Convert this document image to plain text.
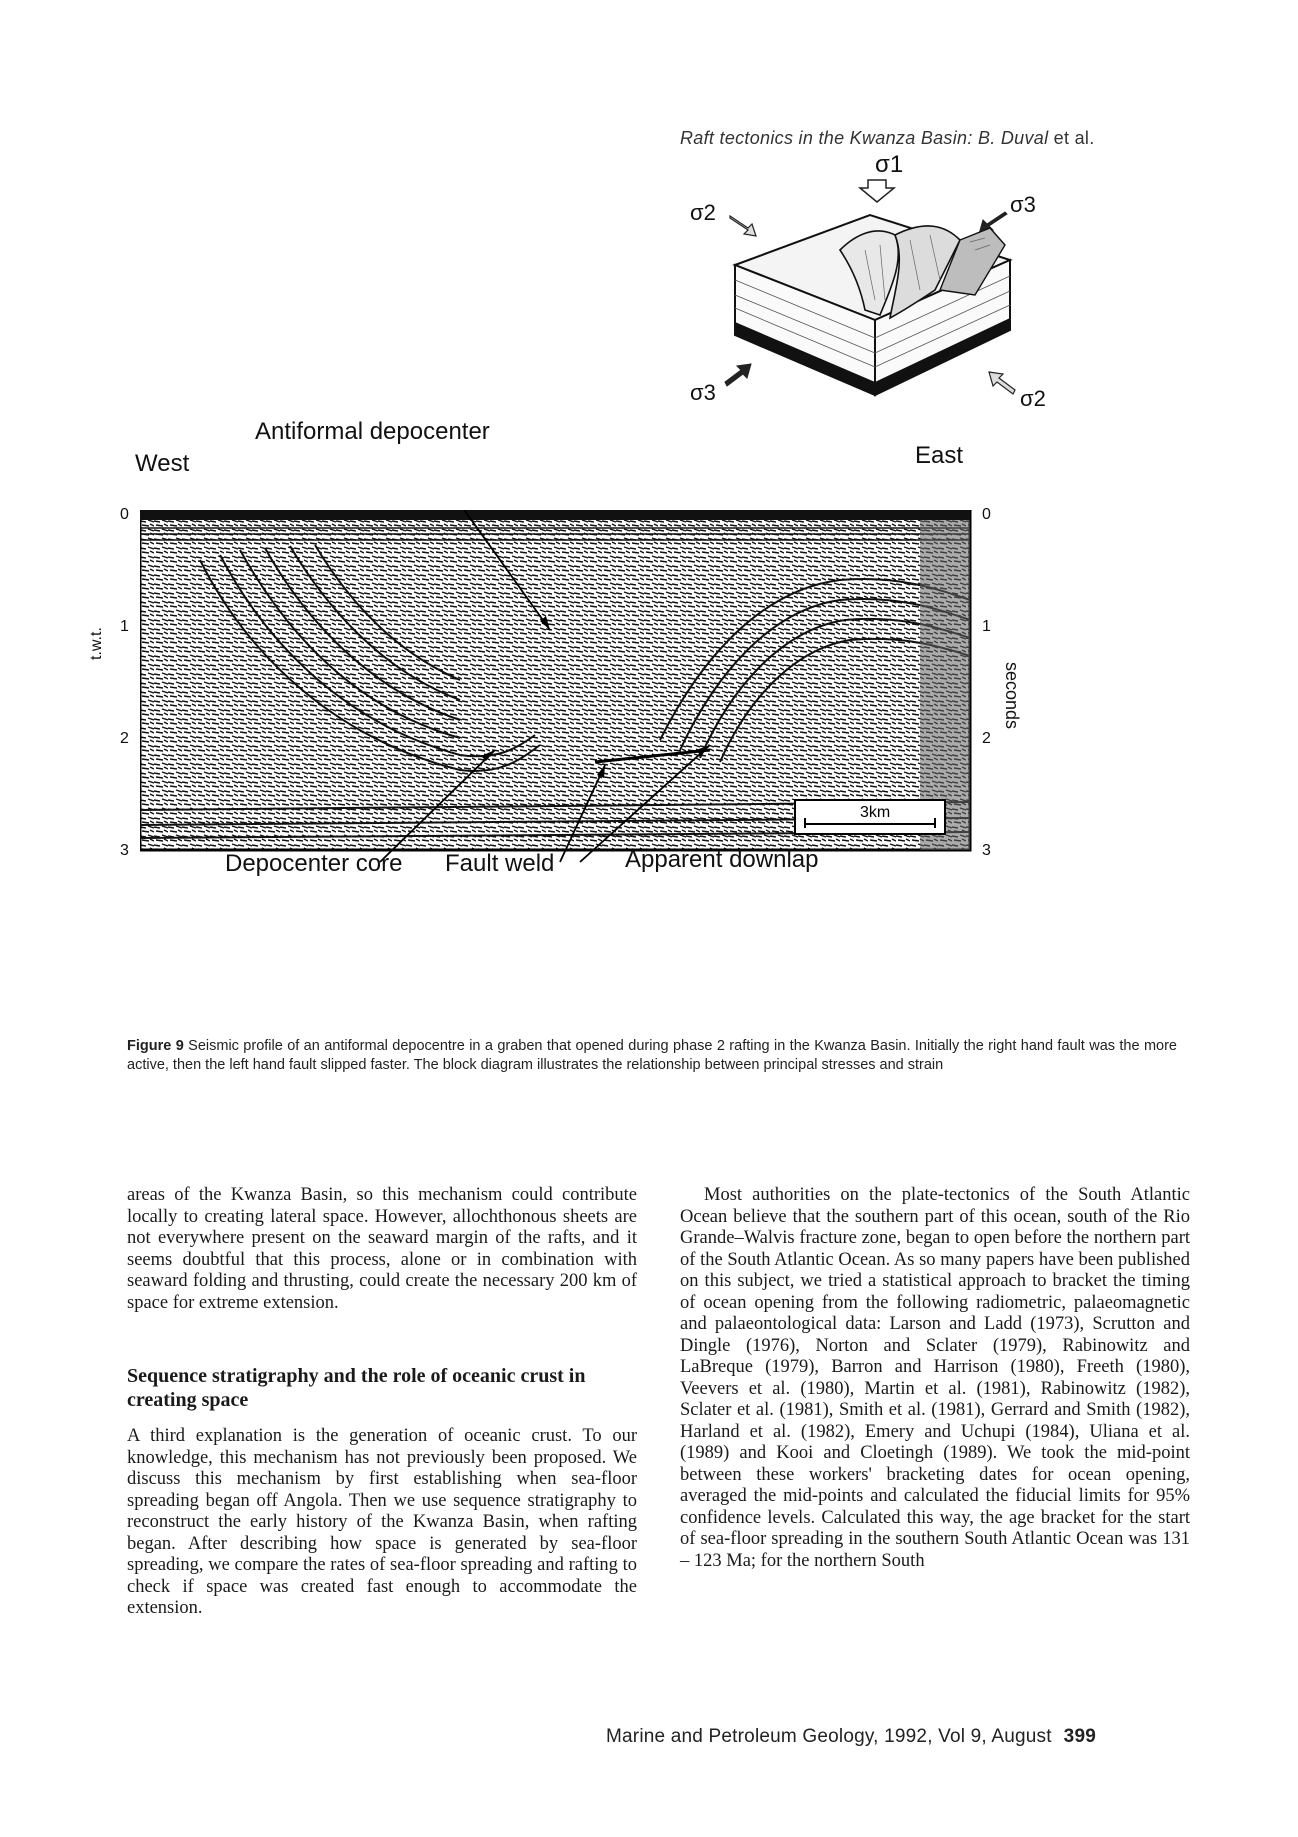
Raft tectonics in the Kwanza Basin: B. Duval et al.
σ1
σ2	σ3
σ3	σ2
3km
West	East
Antiformal depocenter
Depocenter core Fault weld	Apparent downlap
0
1
2
3
t.w.t.
0
1
2
3
seconds
Figure 9 Seismic profile of an antiformal depocentre in a graben that opened during phase 2 rafting in the Kwanza Basin. Initially the right hand fault was the more active, then the left hand fault slipped faster. The block diagram illustrates the relationship between principal stresses and strain

areas of the Kwanza Basin, so this mechanism could contribute locally to creating lateral space. However, allochthonous sheets are not everywhere present on the seaward margin of the rafts, and it seems doubtful that this process, alone or in combination with seaward folding and thrusting, could create the necessary 200 km of space for extreme extension.

Sequence stratigraphy and the role of oceanic crust in creating space

A third explanation is the generation of oceanic crust. To our knowledge, this mechanism has not previously been proposed. We discuss this mechanism by first establishing when sea-floor spreading began off Angola. Then we use sequence stratigraphy to reconstruct the early history of the Kwanza Basin, when rafting began. After describing how space is generated by sea-floor spreading, we compare the rates of sea-floor spreading and rafting to check if space was created fast enough to accommodate the extension.

Most authorities on the plate-tectonics of the South Atlantic Ocean believe that the southern part of this ocean, south of the Rio Grande–Walvis fracture zone, began to open before the northern part of the South Atlantic Ocean. As so many papers have been published on this subject, we tried a statistical approach to bracket the timing of ocean opening from the following radiometric, palaeomagnetic and palaeontological data: Larson and Ladd (1973), Scrutton and Dingle (1976), Norton and Sclater (1979), Rabinowitz and LaBreque (1979), Barron and Harrison (1980), Freeth (1980), Veevers et al. (1980), Martin et al. (1981), Rabinowitz (1982), Sclater et al. (1981), Smith et al. (1981), Gerrard and Smith (1982), Harland et al. (1982), Emery and Uchupi (1984), Uliana et al. (1989) and Kooi and Cloetingh (1989). We took the mid-point between these workers' bracketing dates for ocean opening, averaged the mid-points and calculated the fiducial limits for 95% confidence levels. Calculated this way, the age bracket for the start of sea-floor spreading in the southern South Atlantic Ocean was 131 – 123 Ma; for the northern South

Marine and Petroleum Geology, 1992, Vol 9, August 399
